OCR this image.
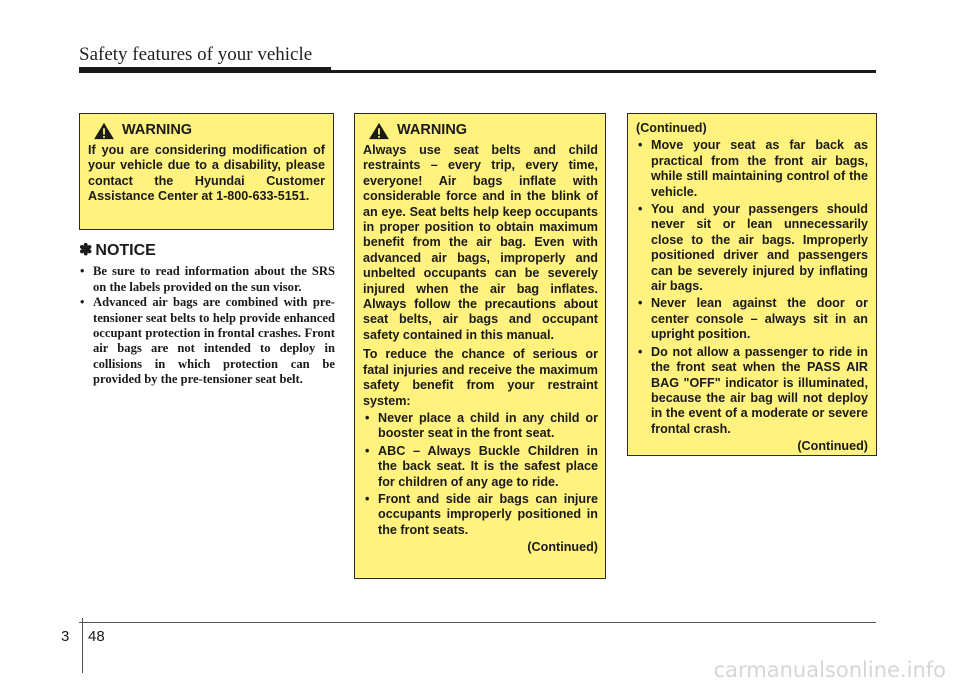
Safety features of your vehicle
WARNING

If you are considering modification of your vehicle due to a disability, please contact the Hyundai Customer Assistance Center at 1-800-633-5151.

✽ NOTICE
• Be sure to read information about the SRS on the labels provided on the sun visor.
• Advanced air bags are combined with pre-tensioner seat belts to help provide enhanced occupant protection in frontal crashes. Front air bags are not intended to deploy in collisions in which protection can be provided by the pre-tensioner seat belt.
WARNING

Always use seat belts and child restraints – every trip, every time, everyone! Air bags inflate with considerable force and in the blink of an eye. Seat belts help keep occupants in proper position to obtain maximum benefit from the air bag. Even with advanced air bags, improperly and unbelted occupants can be severely injured when the air bag inflates. Always follow the precautions about seat belts, air bags and occupant safety contained in this manual.

To reduce the chance of serious or fatal injuries and receive the maximum safety benefit from your restraint system:

• Never place a child in any child or booster seat in the front seat.
• ABC – Always Buckle Children in the back seat. It is the safest place for children of any age to ride.
• Front and side air bags can injure occupants improperly positioned in the front seats.
(Continued)

(Continued)

• Move your seat as far back as practical from the front air bags, while still maintaining control of the vehicle.
• You and your passengers should never sit or lean unnecessarily close to the air bags. Improperly positioned driver and passengers can be severely injured by inflating air bags.
• Never lean against the door or center console – always sit in an upright position.
• Do not allow a passenger to ride in the front seat when the PASS AIR BAG "OFF" indicator is illuminated, because the air bag will not deploy in the event of a moderate or severe frontal crash.
(Continued)
3 48
carmanualsonline.info
